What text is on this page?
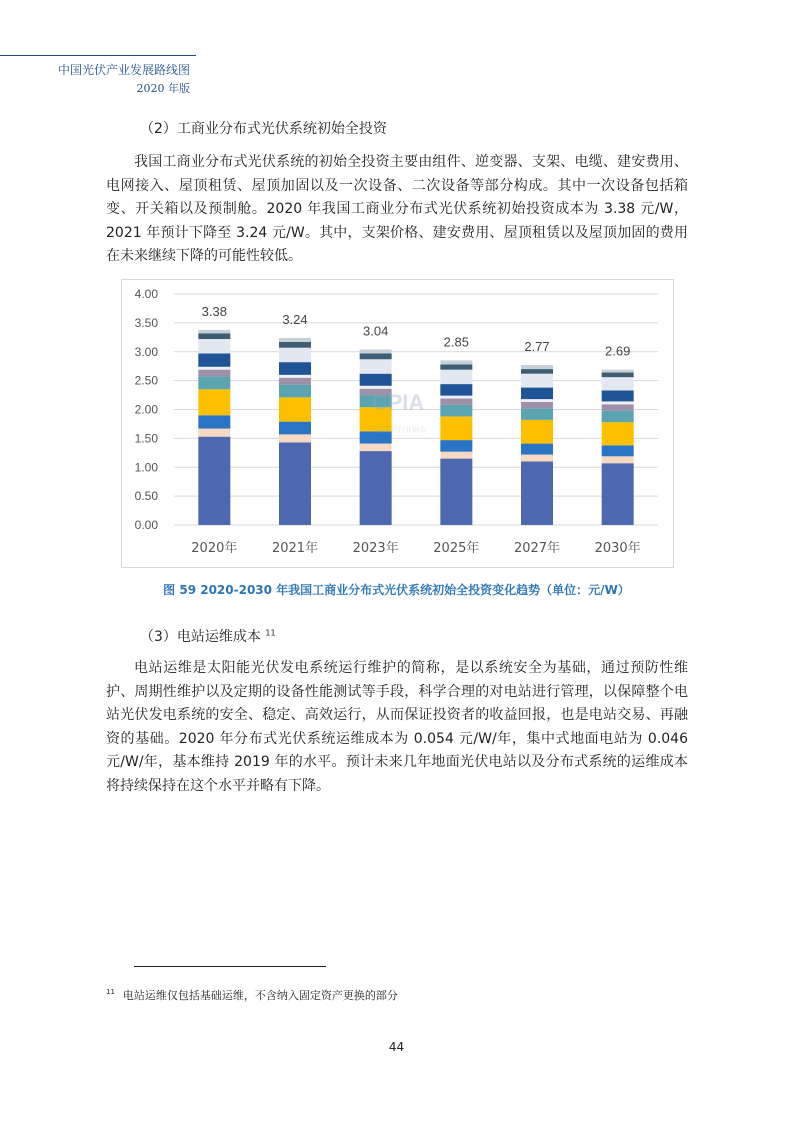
中国光伏产业发展路线图
2020 年版
（2）工商业分布式光伏系统初始全投资
我国工商业分布式光伏系统的初始全投资主要由组件、逆变器、支架、电缆、建安费用、电网接入、屋顶租赁、屋顶加固以及一次设备、二次设备等部分构成。其中一次设备包括箱变、开关箱以及预制舱。2020 年我国工商业分布式光伏系统初始投资成本为 3.38 元/W，2021 年预计下降至 3.24 元/W。其中，支架价格、建安费用、屋顶租赁以及屋顶加固的费用在未来继续下降的可能性较低。
0.00
0.50
1.00
1.50
2.00
2.50
3.00
3.50
4.00
3.38
3.24
3.04
2.85	2.77	2.69
2020年	2021年	2023年	2025年	2027年	2030年
CPIA
中国光伏行业协会
图 59 2020-2030 年我国工商业分布式光伏系统初始全投资变化趋势（单位：元/W）
（3）电站运维成本 $^{11}$
电站运维是太阳能光伏发电系统运行维护的简称，是以系统安全为基础，通过预防性维护、周期性维护以及定期的设备性能测试等手段，科学合理的对电站进行管理，以保障整个电站光伏发电系统的安全、稳定、高效运行，从而保证投资者的收益回报，也是电站交易、再融资的基础。2020 年分布式光伏系统运维成本为 0.054 元/W/年，集中式地面电站为 0.046 元/W/年，基本维持 2019 年的水平。预计未来几年地面光伏电站以及分布式系统的运维成本将持续保持在这个水平并略有下降。
$^{11}$ 电站运维仅包括基础运维，不含纳入固定资产更换的部分
44
